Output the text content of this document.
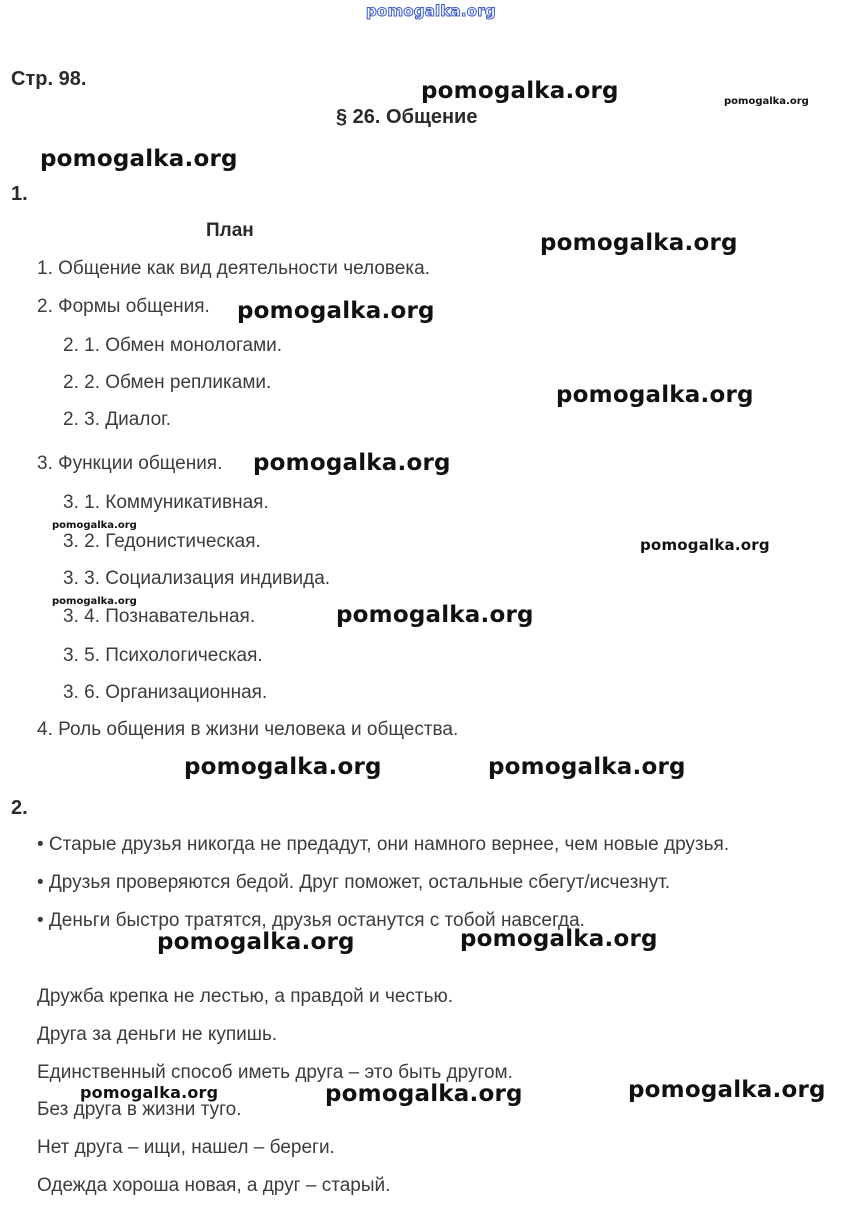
pomogalka.org
Стр. 98.
§ 26. Общение
1.
План
1. Общение как вид деятельности человека.
2. Формы общения.
2. 1. Обмен монологами.
2. 2. Обмен репликами.
2. 3. Диалог.
3. Функции общения.
3. 1. Коммуникативная.
3. 2. Гедонистическая.
3. 3. Социализация индивида.
3. 4. Познавательная.
3. 5. Психологическая.
3. 6. Организационная.
4. Роль общения в жизни человека и общества.
2.
• Старые друзья никогда не предадут, они намного вернее, чем новые друзья.
• Друзья проверяются бедой. Друг поможет, остальные сбегут/исчезнут.
• Деньги быстро тратятся, друзья останутся с тобой навсегда.
Дружба крепка не лестью, а правдой и честью.
Друга за деньги не купишь.
Единственный способ иметь друга – это быть другом.
Без друга в жизни туго.
Нет друга – ищи, нашел – береги.
Одежда хороша новая, а друг – старый.
pomogalka.org
pomogalka.org
pomogalka.org
pomogalka.org
pomogalka.org
pomogalka.org
pomogalka.org
pomogalka.org	pomogalka.org
pomogalka.org	pomogalka.org
pomogalka.org	pomogalka.org
pomogalka.org
pomogalka.org
pomogalka.org
pomogalka.org
pomogalka.org
